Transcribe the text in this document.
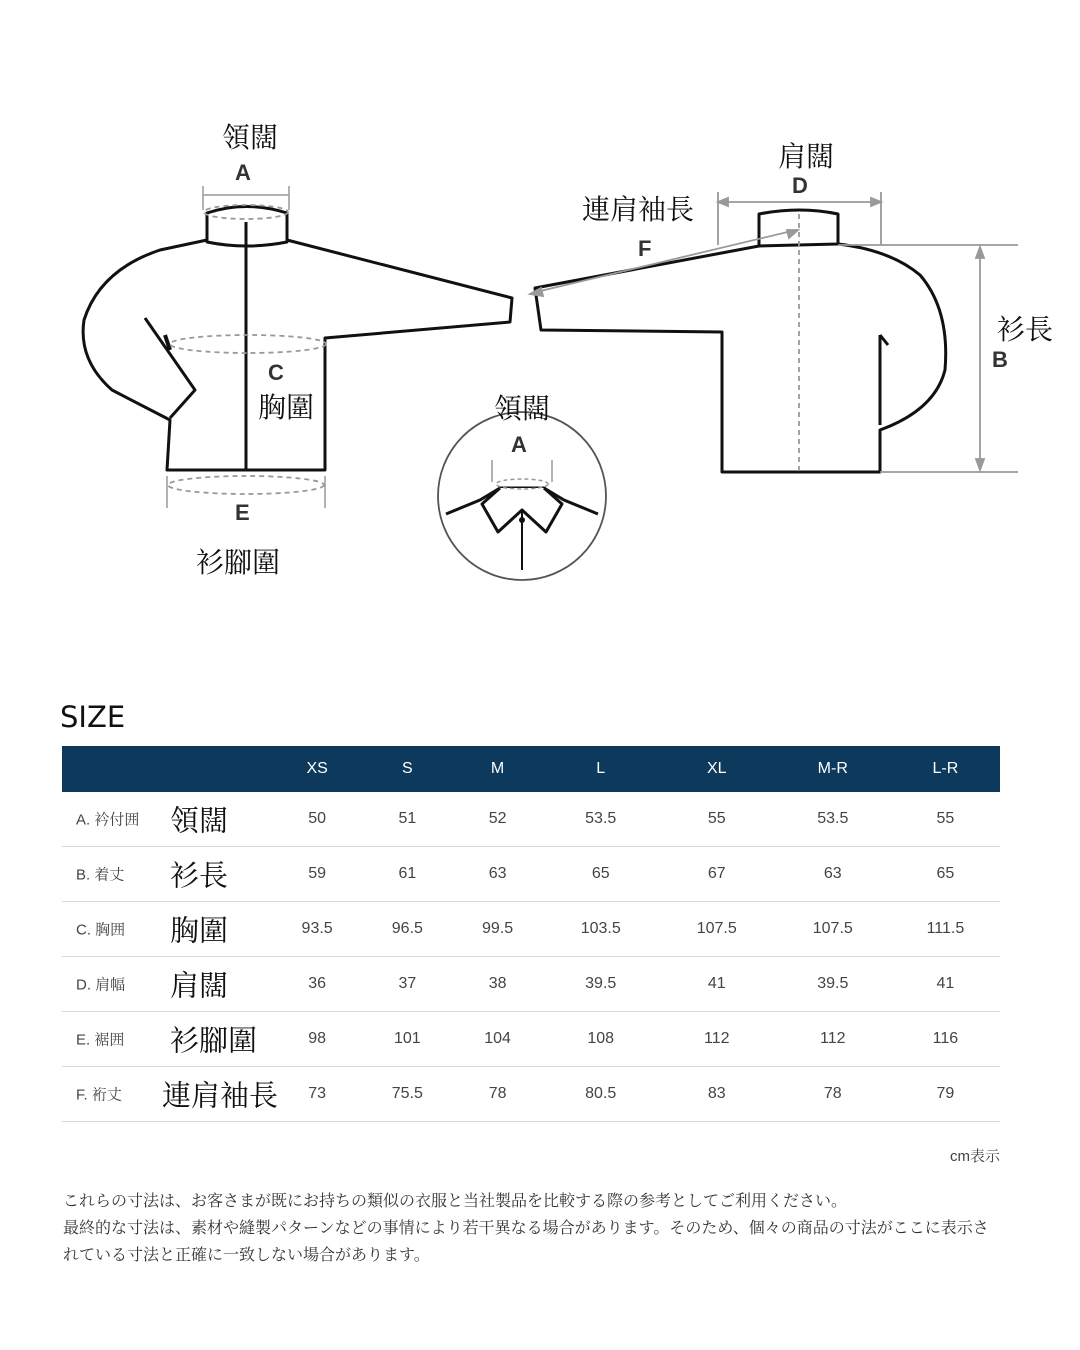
領闊
A
C
胸圍
E
衫腳圍
肩闊
D
連肩袖長
F
衫長
B
領闊
A
SIZE
	XS	S	M	L	XL	M-R	L-R

A. 衿付囲 領闊	50	51	52	53.5	55	53.5	55

B. 着丈 衫長	59	61	63	65	67	63	65

C. 胸囲 胸圍	93.5	96.5	99.5	103.5	107.5	107.5	111.5

D. 肩幅 肩闊	36	37	38	39.5	41	39.5	41

E. 裾囲 衫腳圍	98	101	104	108	112	112	116

F. 裄丈 連肩袖長	73	75.5	78	80.5	83	78	79
cm表示

これらの寸法は、お客さまが既にお持ちの類似の衣服と当社製品を比較する際の参考としてご利用ください。

最終的な寸法は、素材や縫製パターンなどの事情により若干異なる場合があります。そのため、個々の商品の寸法がここに表示されている寸法と正確に一致しない場合があります。
